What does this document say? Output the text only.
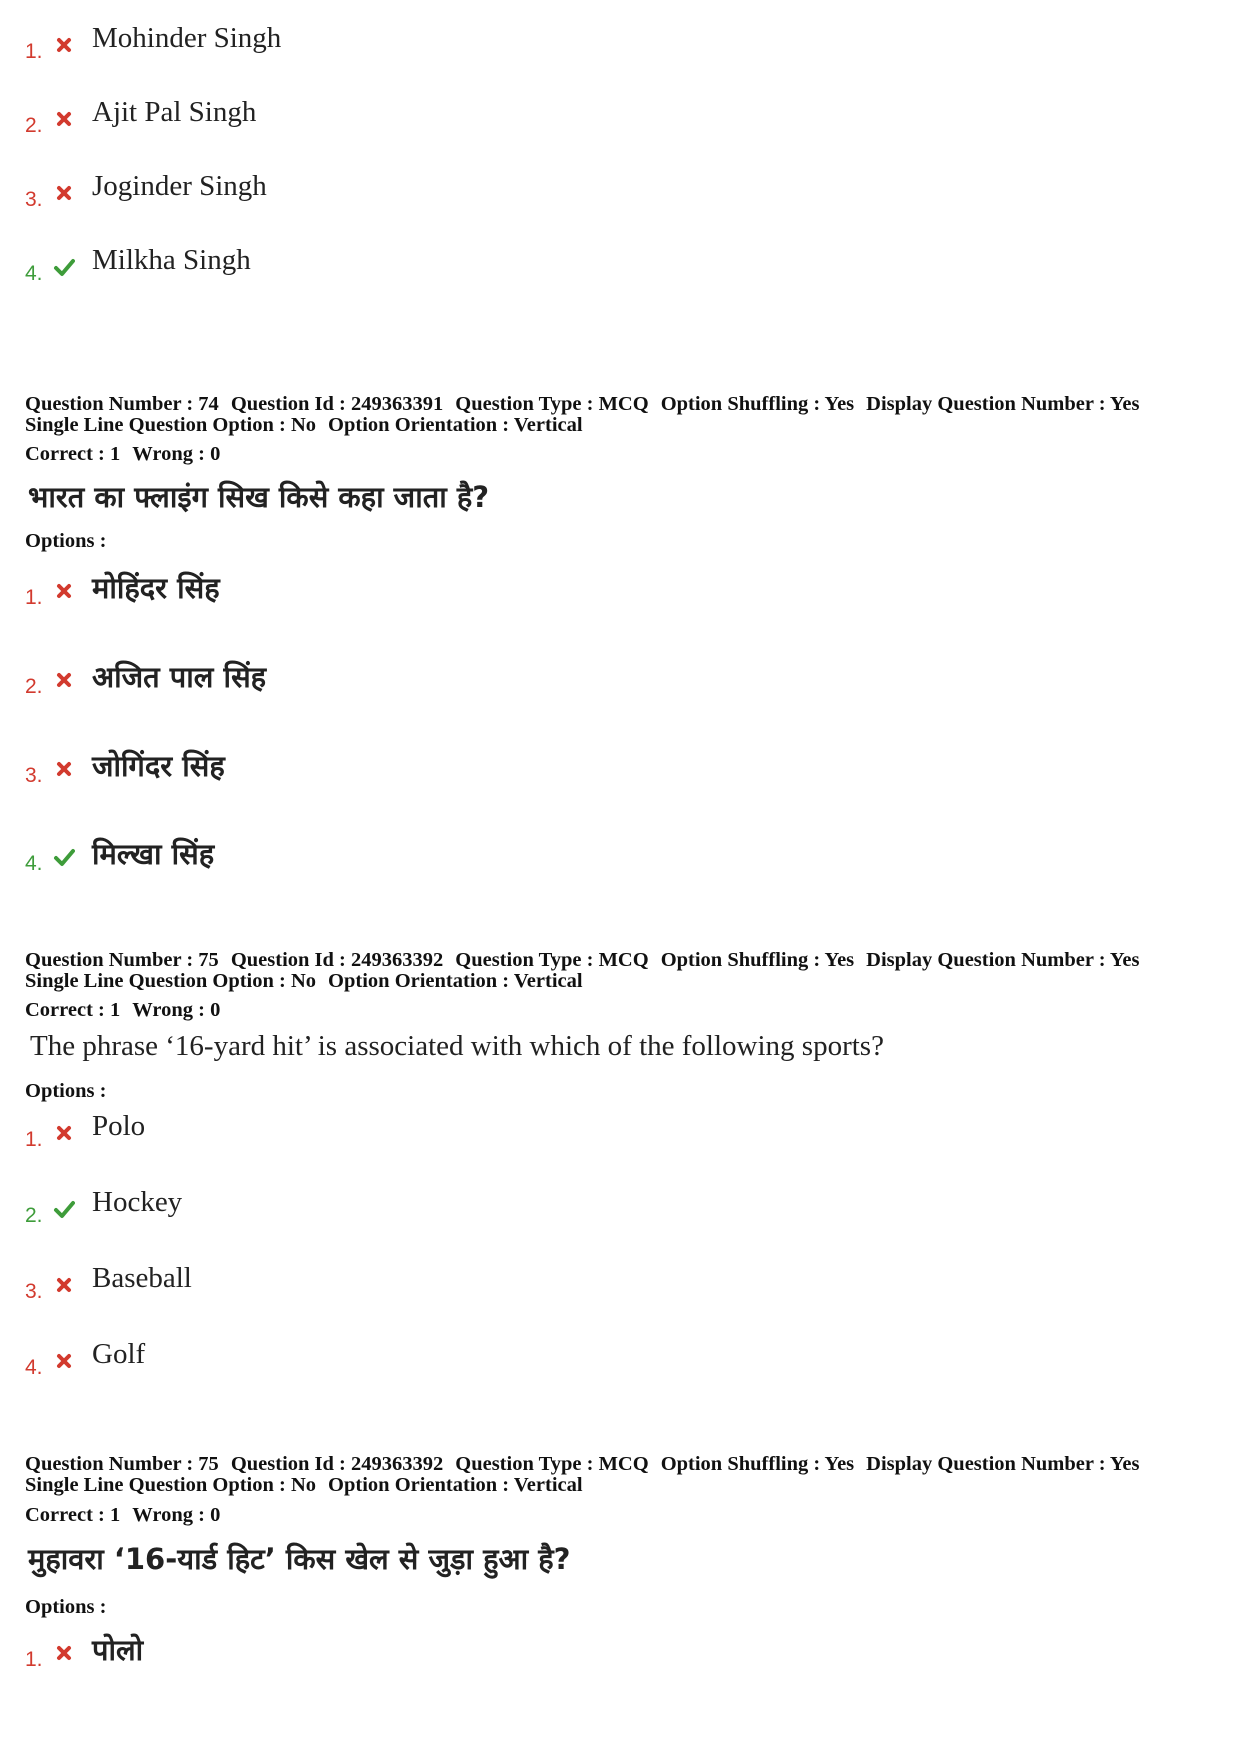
1. Mohinder Singh
2. Ajit Pal Singh
3. Joginder Singh
4. Milkha Singh
Question Number : 74 Question Id : 249363391 Question Type : MCQ Option Shuffling : Yes Display Question Number : Yes
Single Line Question Option : No Option Orientation : Vertical
Correct : 1 Wrong : 0
भारत का फ्लाइंग सिख किसे कहा जाता है?
Options :
1. मोहिंदर सिंह
2. अजित पाल सिंह
3. जोगिंदर सिंह
4. मिल्खा सिंह
Question Number : 75 Question Id : 249363392 Question Type : MCQ Option Shuffling : Yes Display Question Number : Yes
Single Line Question Option : No Option Orientation : Vertical
Correct : 1 Wrong : 0
The phrase ‘16-yard hit’ is associated with which of the following sports?
Options :
1. Polo
2. Hockey
3. Baseball
4. Golf
Question Number : 75 Question Id : 249363392 Question Type : MCQ Option Shuffling : Yes Display Question Number : Yes
Single Line Question Option : No Option Orientation : Vertical
Correct : 1 Wrong : 0
मुहावरा ‘16-यार्ड हिट’ किस खेल से जुड़ा हुआ है?
Options :
1. पोलो
